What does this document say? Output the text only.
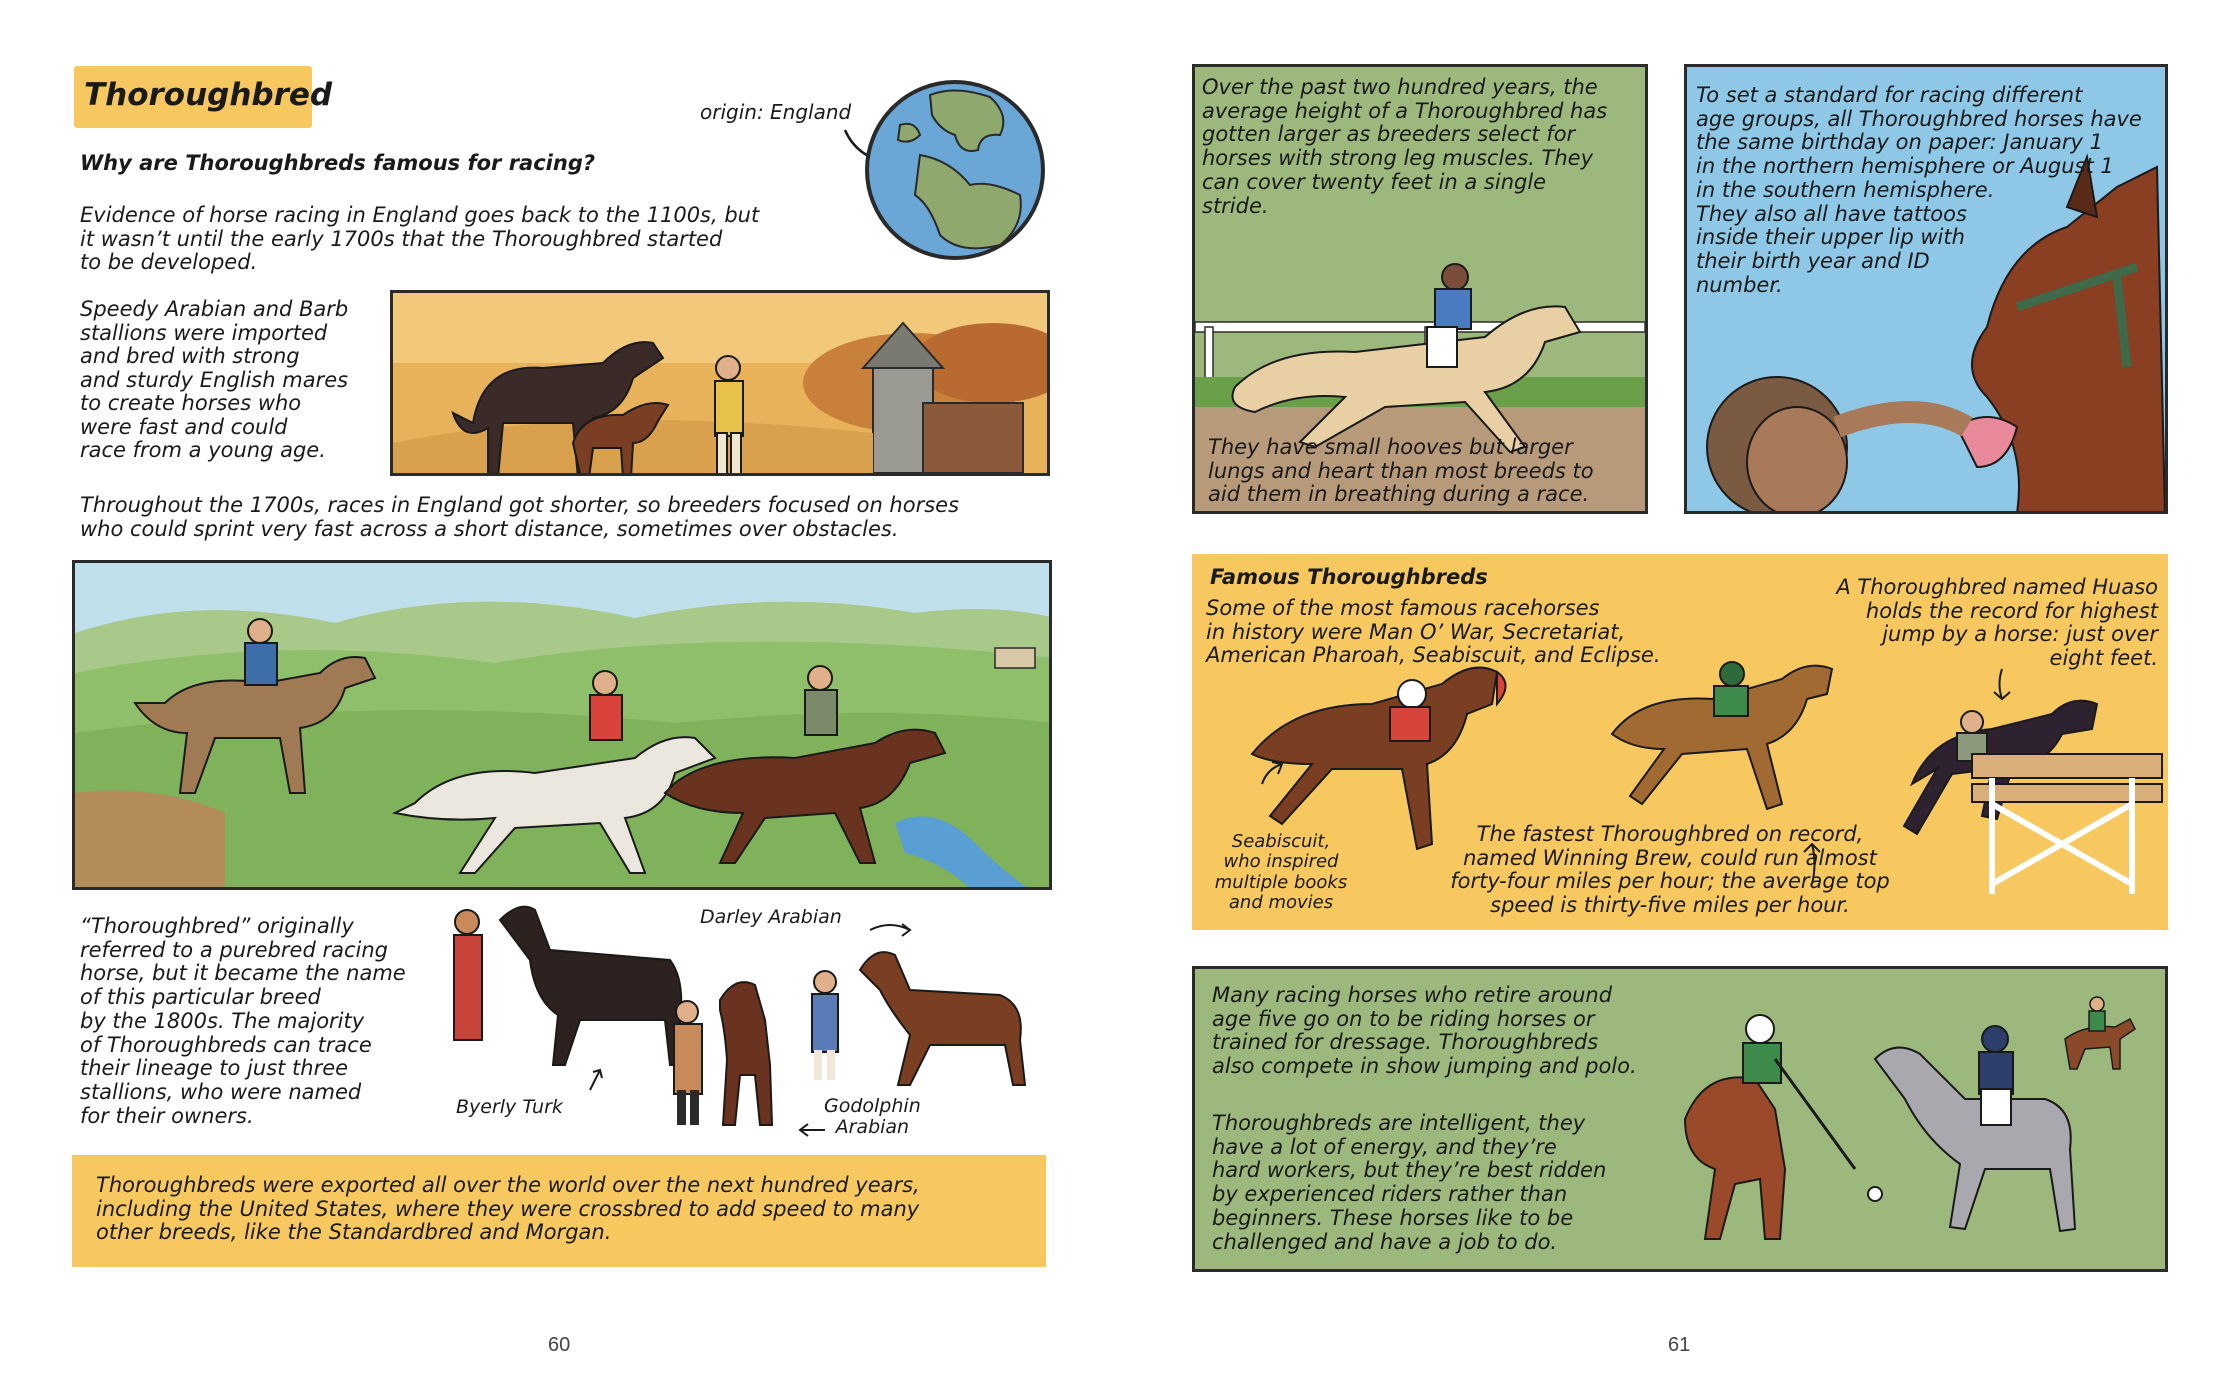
Thoroughbred	origin: England
Why are Thoroughbreds famous for racing?
Evidence of horse racing in England goes back to the 1100s, but
it wasn’t until the early 1700s that the Thoroughbred started
to be developed.
Speedy Arabian and Barb
stallions were imported
and bred with strong
and sturdy English mares
to create horses who
were fast and could
race from a young age.
Throughout the 1700s, races in England got shorter, so breeders focused on horses
who could sprint very fast across a short distance, sometimes over obstacles.
“Thoroughbred” originally
referred to a purebred racing
horse, but it became the name
of this particular breed
by the 1800s. The majority
of Thoroughbreds can trace
their lineage to just three
stallions, who were named
for their owners.
Darley Arabian
Byerly Turk	Godolphin
Arabian
Thoroughbreds were exported all over the world over the next hundred years,
including the United States, where they were crossbred to add speed to many
other breeds, like the Standardbred and Morgan.
60
Over the past two hundred years, the
average height of a Thoroughbred has
gotten larger as breeders select for
horses with strong leg muscles. They
can cover twenty feet in a single
stride.
They have small hooves but larger
lungs and heart than most breeds to
aid them in breathing during a race.
To set a standard for racing different
age groups, all Thoroughbred horses have
the same birthday on paper: January 1
in the northern hemisphere or August 1
in the southern hemisphere.
They also all have tattoos
inside their upper lip with
their birth year and ID
number.
Famous Thoroughbreds
Some of the most famous racehorses
in history were Man O’ War, Secretariat,
American Pharoah, Seabiscuit, and Eclipse.
A Thoroughbred named Huaso
holds the record for highest
jump by a horse: just over
eight feet.
Seabiscuit,
who inspired
multiple books
and movies
The fastest Thoroughbred on record,
named Winning Brew, could run almost
forty-four miles per hour; the average top
speed is thirty-five miles per hour.
Many racing horses who retire around
age five go on to be riding horses or
trained for dressage. Thoroughbreds
also compete in show jumping and polo.
Thoroughbreds are intelligent, they
have a lot of energy, and they’re
hard workers, but they’re best ridden
by experienced riders rather than
beginners. These horses like to be
challenged and have a job to do.
61
